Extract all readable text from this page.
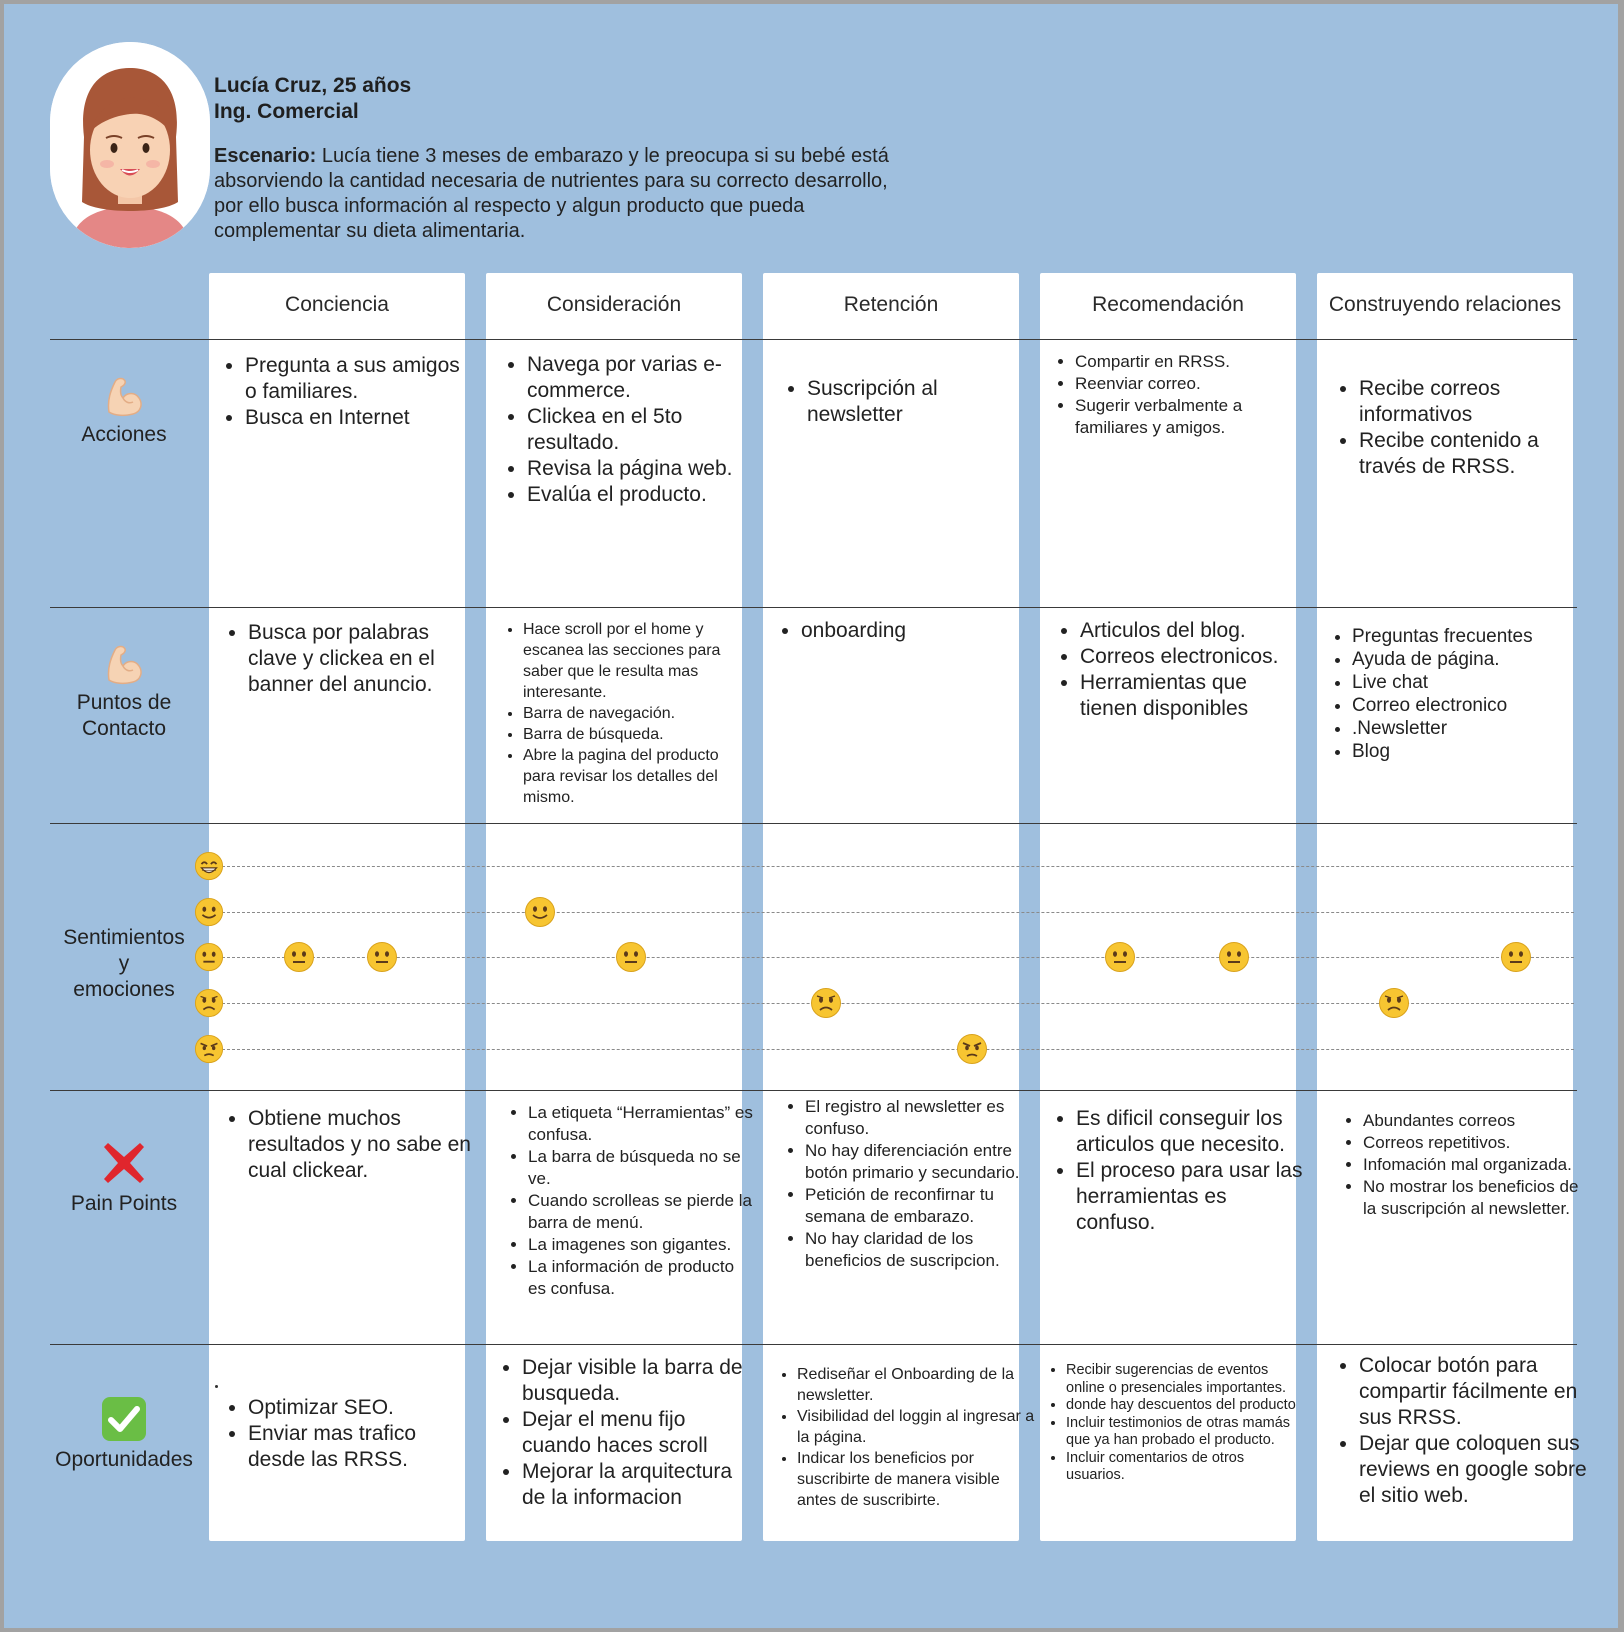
Lucía Cruz, 25 años
Ing. Comercial
Escenario: Lucía tiene 3 meses de embarazo y le preocupa si su bebé está absorviendo la cantidad necesaria de nutrientes para su correcto desarrollo, por ello busca información al respecto y algun producto que pueda complementar su dieta alimentaria.
Conciencia	Consideración	Retención	Recomendación	Construyendo relaciones
Acciones
Puntos de
Contacto
Sentimientos
y
emociones
Pain Points
Oportunidades
• Pregunta a sus amigos o familiares.
• Busca en Internet
• Navega por varias e-commerce.
• Clickea en el 5to resultado.
• Revisa la página web.
• Evalúa el producto.
• Suscripción al newsletter
• Compartir en RRSS.
• Reenviar correo.
• Sugerir verbalmente a familiares y amigos.
• Recibe correos informativos
• Recibe contenido a través de RRSS.
• Busca por palabras clave y clickea en el banner del anuncio.
• Hace scroll por el home y escanea las secciones para saber que le resulta mas interesante.
• Barra de navegación.
• Barra de búsqueda.
• Abre la pagina del producto para revisar los detalles del mismo.
• onboarding
•	Articulos del blog.
• Correos electronicos.
• Herramientas que tienen disponibles
• Preguntas frecuentes
• Ayuda de página.
• Live chat
• Correo electronico
• .Newsletter
• Blog
• Obtiene muchos resultados y no sabe en cual clickear.
• La etiqueta “Herramientas” es confusa.
• La barra de búsqueda no se ve.
• Cuando scrolleas se pierde la barra de menú.
• La imagenes son gigantes.
• La información de producto es confusa.
• El registro al newsletter es confuso.
• No hay diferenciación entre botón primario y secundario.
• Petición de reconfirnar tu semana de embarazo.
• No hay claridad de los beneficios de suscripcion.
• Es dificil conseguir los articulos que necesito.
• El proceso para usar las herramientas es confuso.
• Abundantes correos
• Correos repetitivos.
• Infomación mal organizada.
• No mostrar los beneficios de la suscripción al newsletter.
• Optimizar SEO.
• Enviar mas trafico desde las RRSS.
• Dejar visible la barra de busqueda.
• Dejar el menu fijo cuando haces scroll
• Mejorar la arquitectura de la informacion
• Rediseñar el Onboarding de la newsletter.
• Visibilidad del loggin al ingresar a la página.
• Indicar los beneficios por suscribirte de manera visible antes de suscribirte.
• Recibir sugerencias de eventos online o presenciales importantes.
• donde hay descuentos del producto
• Incluir testimonios de otras mamás que ya han probado el producto.
• Incluir comentarios de otros usuarios.
• Colocar botón para compartir fácilmente en sus RRSS.
• Dejar que coloquen sus reviews en google sobre el sitio web.
